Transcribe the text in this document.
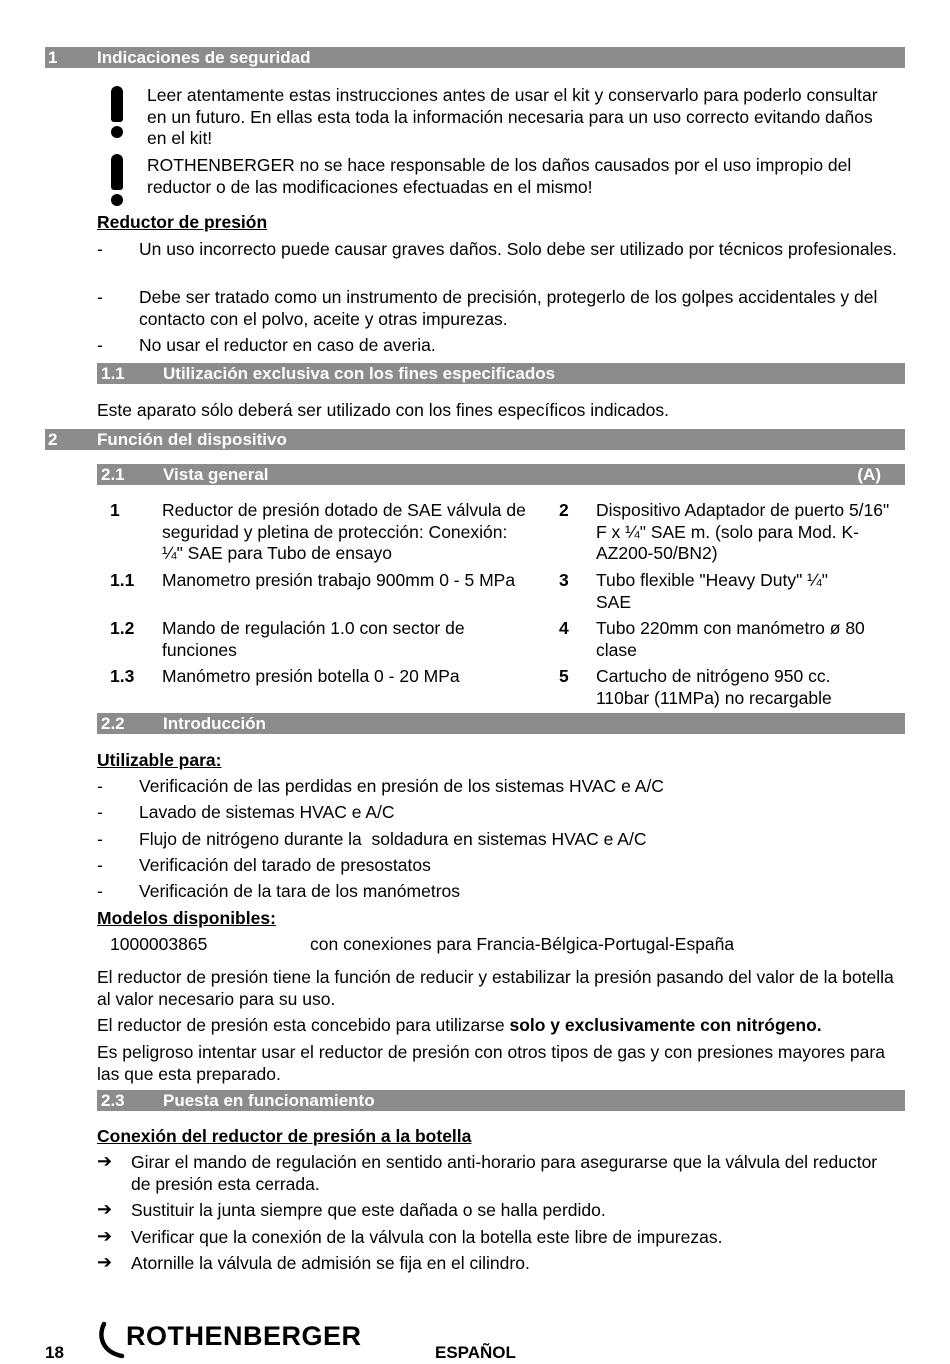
1 Indicaciones de seguridad
Leer atentamente estas instrucciones antes de usar el kit y conservarlo para poderlo consultar en un futuro. En ellas esta toda la información necesaria para un uso correcto evitando daños en el kit!
ROTHENBERGER no se hace responsable de los daños causados por el uso impropio del reductor o de las modificaciones efectuadas en el mismo!
Reductor de presión
- Un uso incorrecto puede causar graves daños. Solo debe ser utilizado por técnicos profesionales.
- Debe ser tratado como un instrumento de precisión, protegerlo de los golpes accidentales y del contacto con el polvo, aceite y otras impurezas.
- No usar el reductor en caso de averia.
1.1 Utilización exclusiva con los fines especificados
Este aparato sólo deberá ser utilizado con los fines específicos indicados.
2 Función del dispositivo
2.1 Vista general	(A)
1 Reductor de presión dotado de SAE válvula de seguridad y pletina de protección: Conexión: ¼" SAE para Tubo de ensayo
1.1 Manometro presión trabajo 900mm 0 - 5 MPa
1.2 Mando de regulación 1.0 con sector de funciones
1.3 Manómetro presión botella 0 - 20 MPa
2 Dispositivo Adaptador de puerto 5/16" F x ¼" SAE m. (solo para Mod. K-AZ200-50/BN2)
3 Tubo flexible "Heavy Duty" ¼" SAE
4 Tubo 220mm con manómetro ø 80 clase
5 Cartucho de nitrógeno 950 cc. 110bar (11MPa) no recargable
2.2 Introducción
Utilizable para:
- Verificación de las perdidas en presión de los sistemas HVAC e A/C
- Lavado de sistemas HVAC e A/C
- Flujo de nitrógeno durante la  soldadura en sistemas HVAC e A/C
- Verificación del tarado de presostatos
- Verificación de la tara de los manómetros
Modelos disponibles:
1000003865	con conexiones para Francia-Bélgica-Portugal-España
El reductor de presión tiene la función de reducir y estabilizar la presión pasando del valor de la botella al valor necesario para su uso.
El reductor de presión esta concebido para utilizarse solo y exclusivamente con nitrógeno.
Es peligroso intentar usar el reductor de presión con otros tipos de gas y con presiones mayores para las que esta preparado.
2.3 Puesta en funcionamiento
Conexión del reductor de presión a la botella
➔ Girar el mando de regulación en sentido anti-horario para asegurarse que la válvula del reductor de presión esta cerrada.
➔ Sustituir la junta siempre que este dañada o se halla perdido.
➔ Verificar que la conexión de la válvula con la botella este libre de impurezas.
➔ Atornille la válvula de admisión se fija en el cilindro.
18
ROTHENBERGER
ESPAÑOL
